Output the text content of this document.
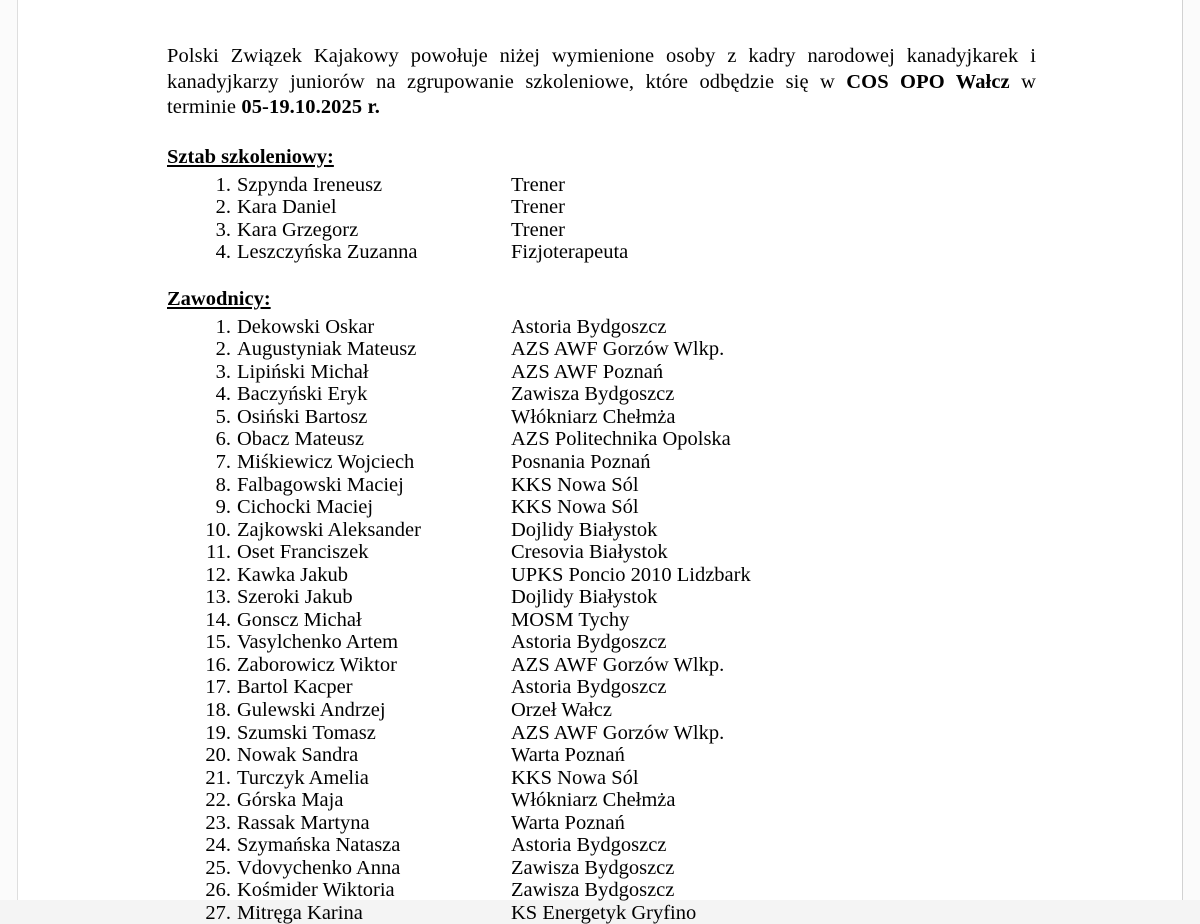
Polski Związek Kajakowy powołuje niżej wymienione osoby z kadry narodowej kanadyjkarek i kanadyjkarzy juniorów na zgrupowanie szkoleniowe, które odbędzie się w COS OPO Wałcz w terminie 05-19.10.2025 r.

Sztab szkoleniowy:
1. Szpynda Ireneusz	Trener
2. Kara Daniel	Trener
3. Kara Grzegorz	Trener
4. Leszczyńska Zuzanna	Fizjoterapeuta
Zawodnicy:
1. Dekowski Oskar	Astoria Bydgoszcz
2. Augustyniak Mateusz	AZS AWF Gorzów Wlkp.
3. Lipiński Michał	AZS AWF Poznań
4. Baczyński Eryk	Zawisza Bydgoszcz
5. Osiński Bartosz	Włókniarz Chełmża
6. Obacz Mateusz	AZS Politechnika Opolska
7. Miśkiewicz Wojciech	Posnania Poznań
8. Falbagowski Maciej	KKS Nowa Sól
9. Cichocki Maciej	KKS Nowa Sól
10. Zajkowski Aleksander	Dojlidy Białystok
11. Oset Franciszek	Cresovia Białystok
12. Kawka Jakub	UPKS Poncio 2010 Lidzbark
13. Szeroki Jakub	Dojlidy Białystok
14. Gonscz Michał	MOSM Tychy
15. Vasylchenko Artem	Astoria Bydgoszcz
16. Zaborowicz Wiktor	AZS AWF Gorzów Wlkp.
17. Bartol Kacper	Astoria Bydgoszcz
18. Gulewski Andrzej	Orzeł Wałcz
19. Szumski Tomasz	AZS AWF Gorzów Wlkp.
20. Nowak Sandra	Warta Poznań
21. Turczyk Amelia	KKS Nowa Sól
22. Górska Maja	Włókniarz Chełmża
23. Rassak Martyna	Warta Poznań
24. Szymańska Natasza	Astoria Bydgoszcz
25. Vdovychenko Anna	Zawisza Bydgoszcz
26. Kośmider Wiktoria	Zawisza Bydgoszcz
27. Mitręga Karina	KS Energetyk Gryfino
